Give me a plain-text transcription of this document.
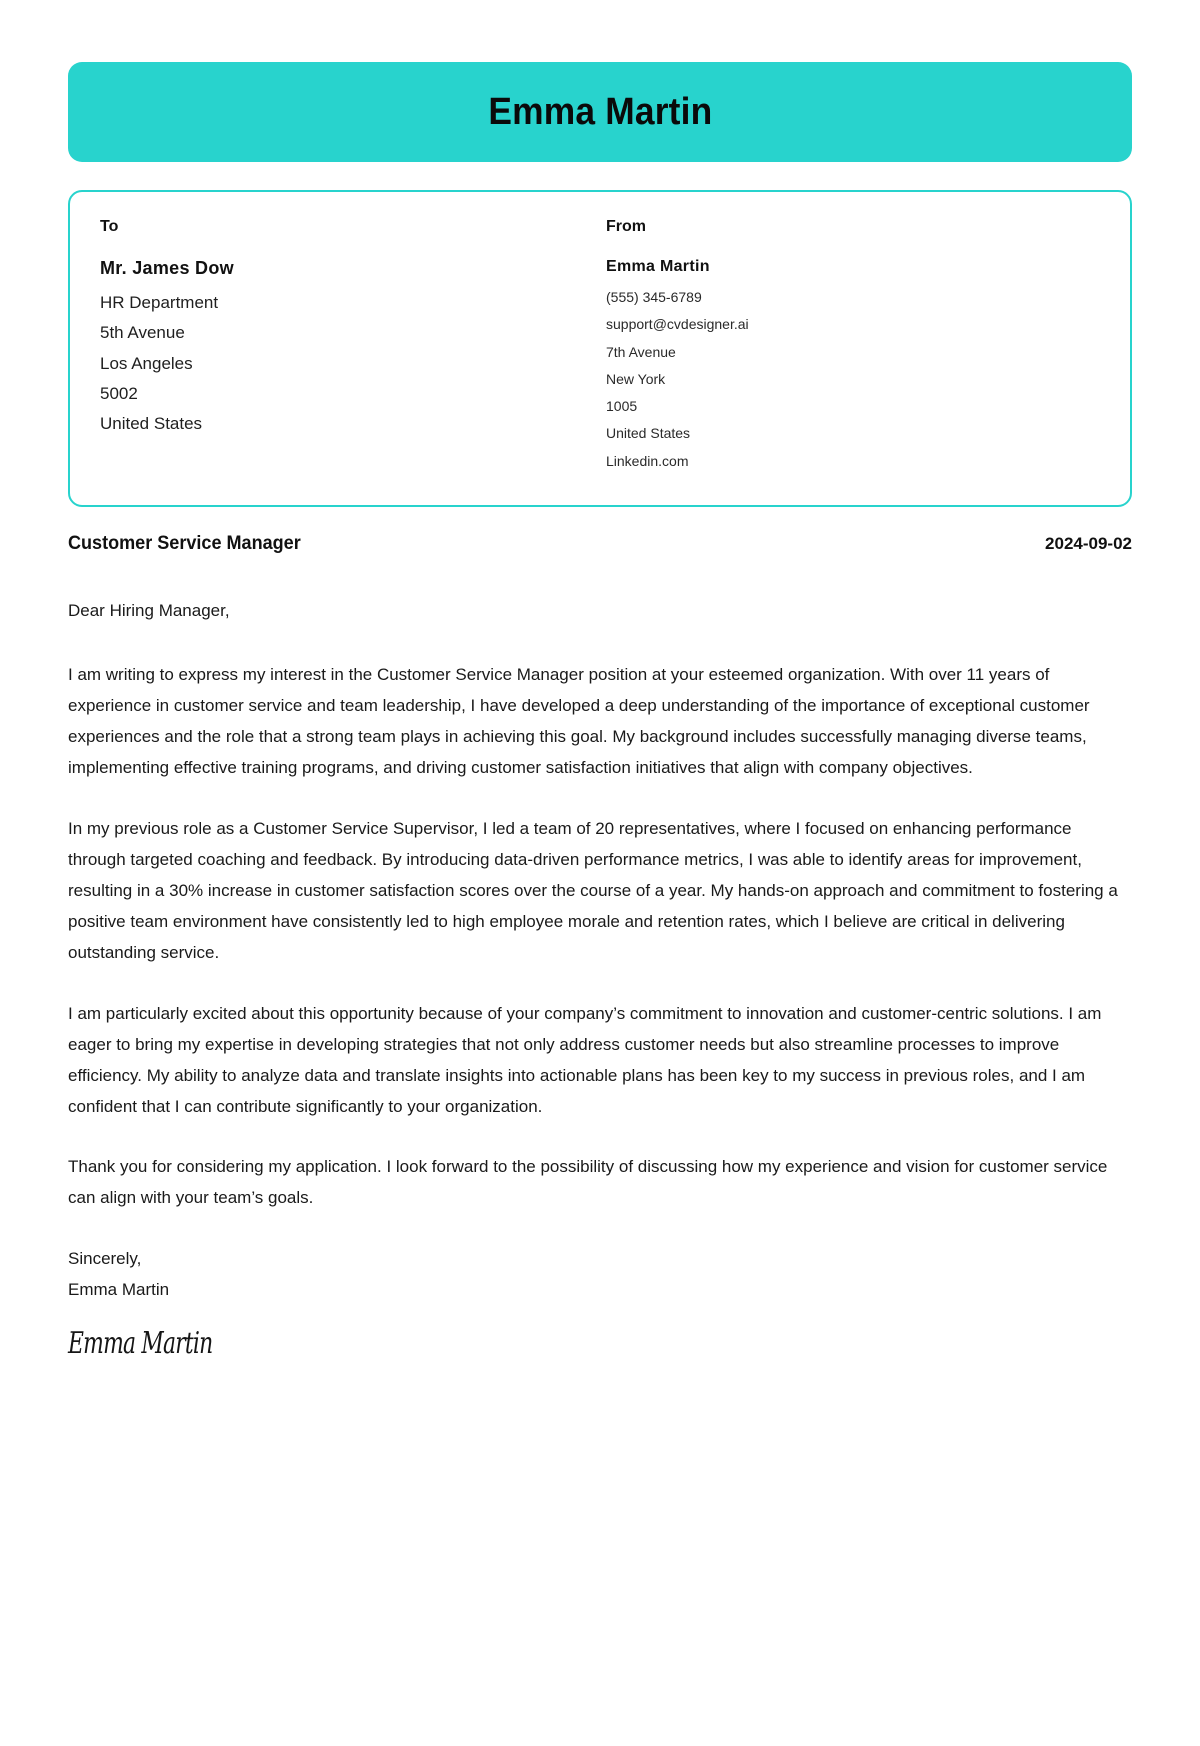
Emma Martin
To
Mr. James Dow
HR Department
5th Avenue
Los Angeles
5002
United States
From
Emma Martin
(555) 345-6789
support@cvdesigner.ai
7th Avenue
New York
1005
United States
Linkedin.com
Customer Service Manager	2024-09-02
Dear Hiring Manager,

I am writing to express my interest in the Customer Service Manager position at your esteemed organization. With over 11 years of experience in customer service and team leadership, I have developed a deep understanding of the importance of exceptional customer experiences and the role that a strong team plays in achieving this goal. My background includes successfully managing diverse teams, implementing effective training programs, and driving customer satisfaction initiatives that align with company objectives.

In my previous role as a Customer Service Supervisor, I led a team of 20 representatives, where I focused on enhancing performance through targeted coaching and feedback. By introducing data-driven performance metrics, I was able to identify areas for improvement, resulting in a 30% increase in customer satisfaction scores over the course of a year. My hands-on approach and commitment to fostering a positive team environment have consistently led to high employee morale and retention rates, which I believe are critical in delivering outstanding service.

I am particularly excited about this opportunity because of your company’s commitment to innovation and customer-centric solutions. I am eager to bring my expertise in developing strategies that not only address customer needs but also streamline processes to improve efficiency. My ability to analyze data and translate insights into actionable plans has been key to my success in previous roles, and I am confident that I can contribute significantly to your organization.

Thank you for considering my application. I look forward to the possibility of discussing how my experience and vision for customer service can align with your team’s goals.

Sincerely,
Emma Martin
Emma Martin
